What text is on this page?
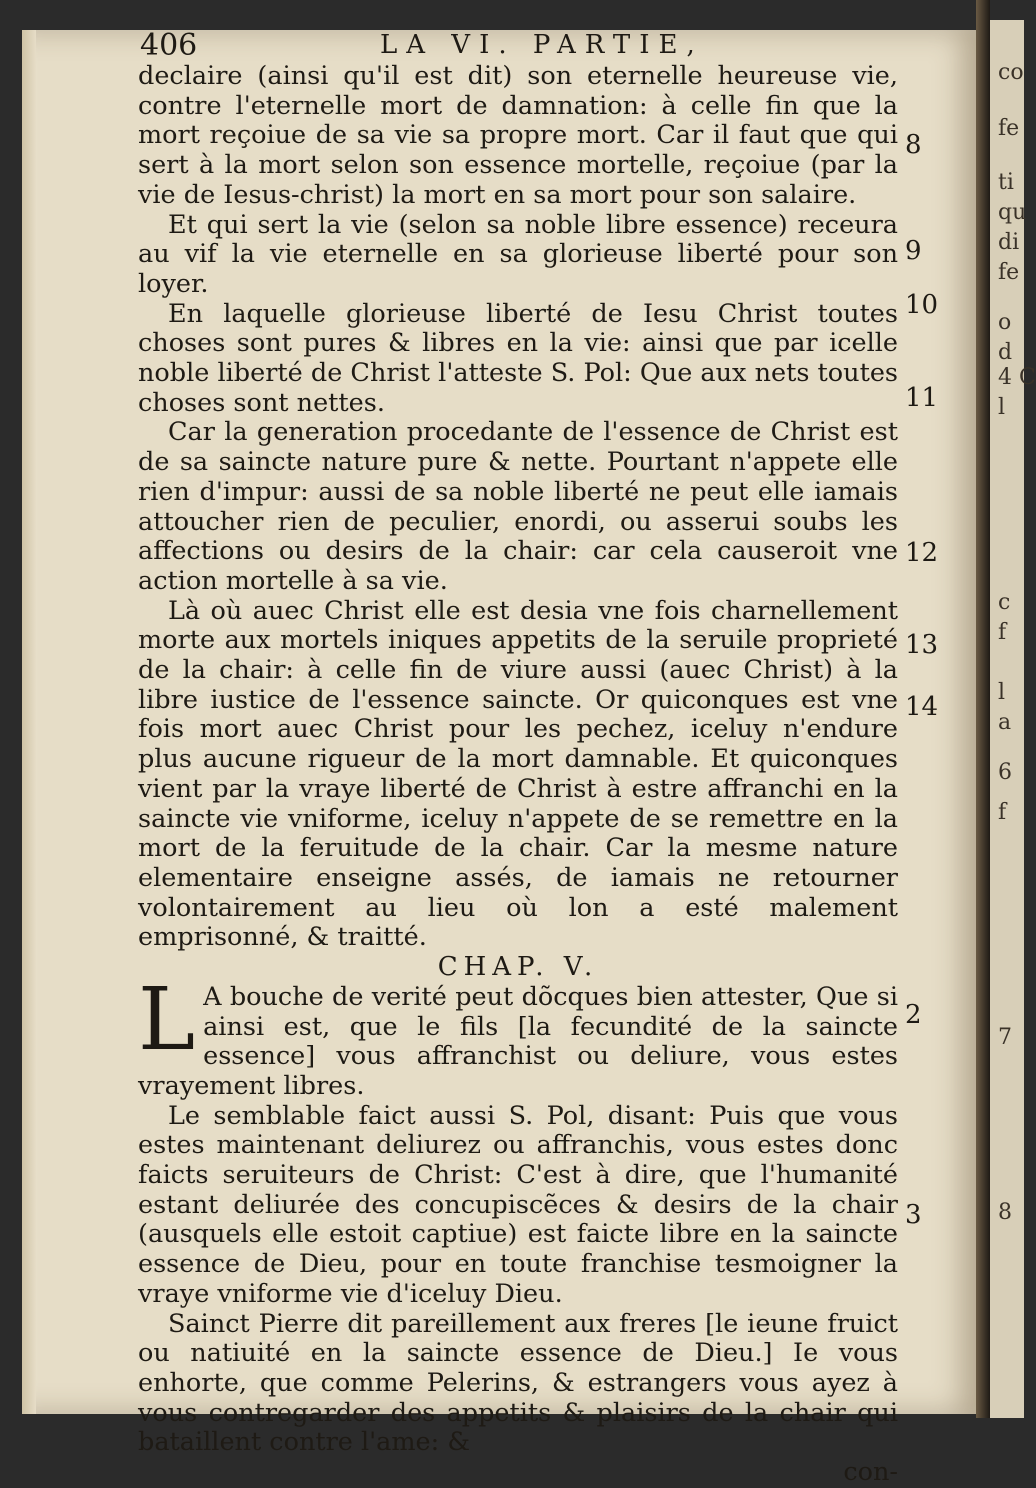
co
fe
ti
qu
di
fe
o
d
4 C
l
c
f
l
a
6
f
7
8
406	LA VI. PARTIE,

declaire (ainsi qu'il est dit) son eternelle heureuse vie, contre l'eternelle mort de damnation: à celle fin que la mort reçoiue de sa vie sa propre mort. Car il faut que qui sert à la mort selon son essence mortelle, reçoiue (par la vie de Iesus-christ) la mort en sa mort pour son salaire.

Et qui sert la vie (selon sa noble libre essence) receura au vif la vie eternelle en sa glorieuse liberté pour son loyer.

En laquelle glorieuse liberté de Iesu Christ toutes choses sont pures & libres en la vie: ainsi que par icelle noble liberté de Christ l'atteste S. Pol: Que aux nets toutes choses sont nettes.

Car la generation procedante de l'essence de Christ est de sa saincte nature pure & nette. Pourtant n'appete elle rien d'impur: aussi de sa noble liberté ne peut elle iamais attoucher rien de peculier, enordi, ou asserui soubs les affections ou desirs de la chair: car cela causeroit vne action mortelle à sa vie.

Là où auec Christ elle est desia vne fois charnellement morte aux mortels iniques appetits de la seruile proprieté de la chair: à celle fin de viure aussi (auec Christ) à la libre iustice de l'essence saincte. Or quiconques est vne fois mort auec Christ pour les pechez, iceluy n'endure plus aucune rigueur de la mort damnable. Et quiconques vient par la vraye liberté de Christ à estre affranchi en la saincte vie vniforme, iceluy n'appete de se remettre en la mort de la feruitude de la chair. Car la mesme nature elementaire enseigne assés, de iamais ne retourner volontairement au lieu où lon a esté malement emprisonné, & traitté.

CHAP. V.

L A bouche de verité peut dõcques bien attester, Que si ainsi est, que le fils [la fecundité de la saincte essence] vous affranchist ou deliure, vous estes vrayement libres.

Le semblable faict aussi S. Pol, disant: Puis que vous estes maintenant deliurez ou affranchis, vous estes donc faicts seruiteurs de Christ: C'est à dire, que l'humanité estant deliurée des concupiscẽces & desirs de la chair (ausquels elle estoit captiue) est faicte libre en la saincte essence de Dieu, pour en toute franchise tesmoigner la vraye vniforme vie d'iceluy Dieu.

Sainct Pierre dit pareillement aux freres [le ieune fruict ou natiuité en la saincte essence de Dieu.] Ie vous enhorte, que comme Pelerins, & estrangers vous ayez à vous contregarder des appetits & plaisirs de la chair qui bataillent contre l'ame: &

con-

8
9
10
11
12
13
14
2
3
